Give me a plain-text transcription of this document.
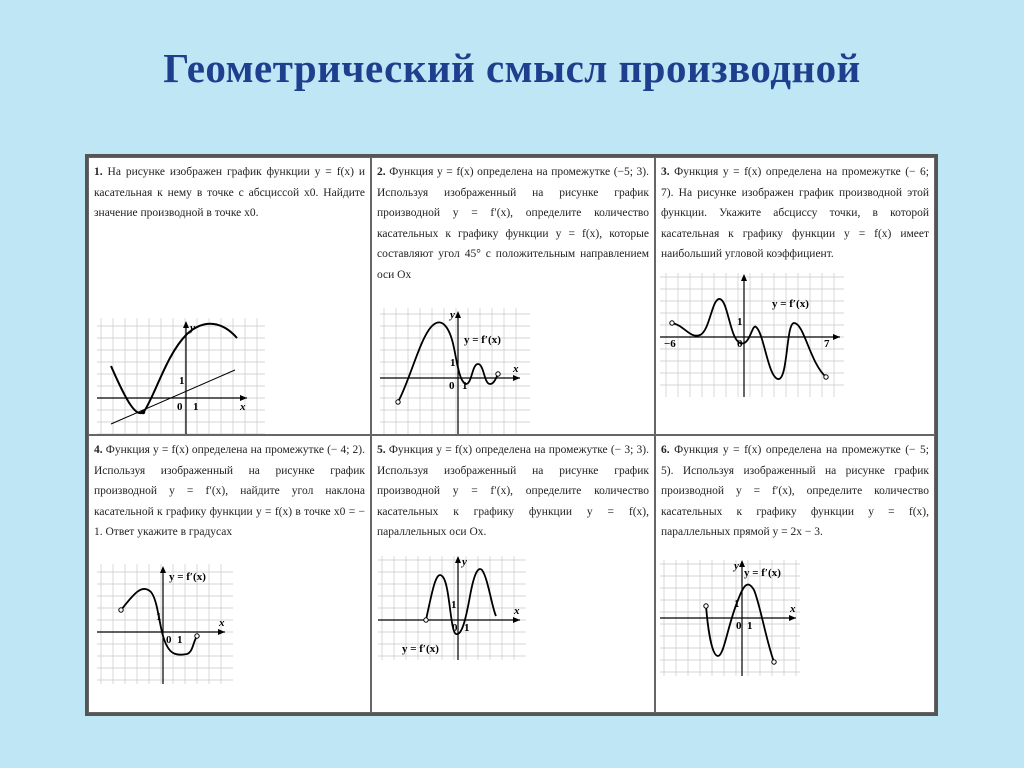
Геометрический смысл производной
1. На рисунке изображен график функции y = f(x) и касательная к нему в точке с абсциссой x0. Найдите значение производной в точке x0.
x
y
0 1
1
2. Функция y = f(x) определена на промежутке (−5; 3). Используя изображенный на рисунке график производной y = f′(x), определите количество касательных к графику функции y = f(x), которые составляют угол 45° с положительным направлением оси Ox
x
y
y = f′(x)
0 1
1
3. Функция y = f(x) определена на промежутке (− 6; 7). На рисунке изображен график производной этой функции. Укажите абсциссу точки, в которой касательная к графику функции y = f(x) имеет наибольший угловой коэффициент.
y = f′(x)
−6	7
0
1
4. Функция y = f(x) определена на промежутке (− 4; 2). Используя изображенный на рисунке график производной y = f′(x), найдите угол наклона касательной к графику функции y = f(x) в точке x0 = − 1. Ответ укажите в градусах
y = f′(x)
x
0 1
1
5. Функция y = f(x) определена на промежутке (− 3; 3). Используя изображенный на рисунке график производной y = f′(x), определите количество касательных к графику функции y = f(x), параллельных оси Ox.
x
y
0 1
1
y = f′(x)
6. Функция y = f(x) определена на промежутке (− 5; 5). Используя изображенный на рисунке график производной y = f′(x), определите количество касательных к графику функции y = f(x), параллельных прямой y = 2x − 3.
y = f′(x)
x
y
0 1
1
